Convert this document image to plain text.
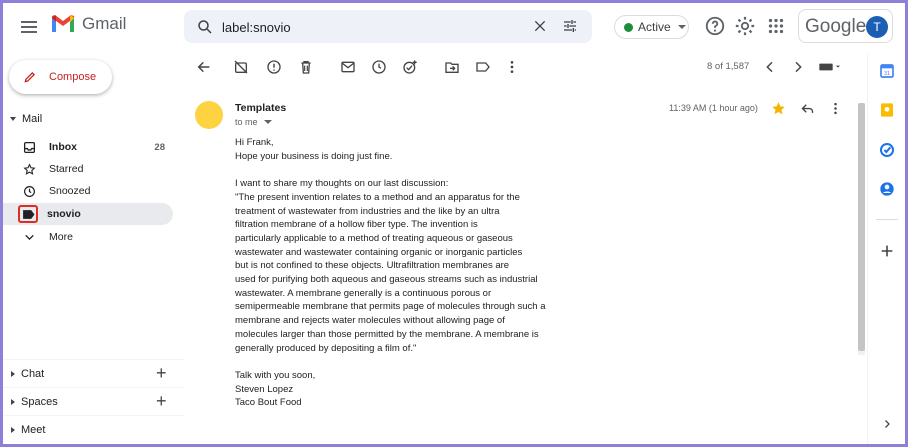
Gmail
label:snovio	Active	Google T
Compose
Mail
Inbox	28
Starred
Snoozed
snovio
More
Chat	+
Spaces	+
Meet
8 of 1,587
Templates
to me
11:39 AM (1 hour ago)

Hi Frank,

Hope your business is doing just fine.

I want to share my thoughts on our last discussion:

"The present invention relates to a method and an apparatus for the

treatment of wastewater from industries and the like by an ultra

filtration membrane of a hollow fiber type. The invention is

particularly applicable to a method of treating aqueous or gaseous

wastewater and wastewater containing organic or inorganic particles

but is not confined to these objects. Ultrafiltration membranes are

used for purifying both aqueous and gaseous streams such as industrial

wastewater. A membrane generally is a continuous porous or

semipermeable membrane that permits page of molecules through such a

membrane and rejects water molecules without allowing page of

molecules larger than those permitted by the membrane. A membrane is

generally produced by depositing a film of."

Talk with you soon,

Steven Lopez

Taco Bout Food

31
